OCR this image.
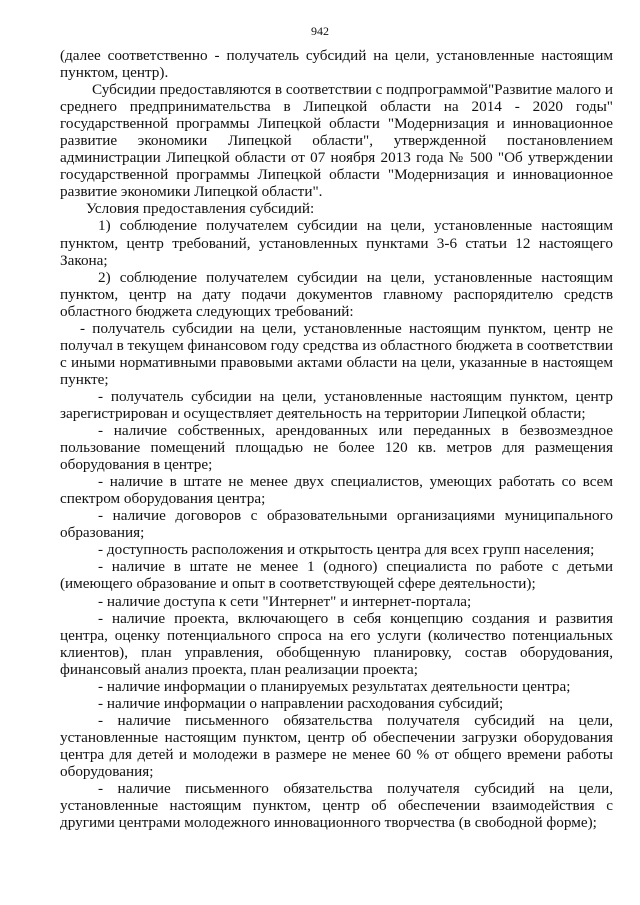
942

(далее соответственно - получатель субсидий на цели, установленные настоящим пунктом, центр).

Субсидии предоставляются в соответствии с подпрограммой"Развитие малого и среднего предпринимательства в Липецкой области на 2014 - 2020 годы" государственной программы Липецкой области "Модернизация и инновационное развитие экономики Липецкой области", утвержденной постановлением администрации Липецкой области от 07 ноября 2013 года № 500 "Об утверждении государственной программы Липецкой области "Модернизация и инновационное развитие экономики Липецкой области".

Условия предоставления субсидий:

1) соблюдение получателем субсидии на цели, установленные настоящим пунктом, центр требований, установленных пунктами 3-6 статьи 12 настоящего Закона;

2) соблюдение получателем субсидии на цели, установленные настоящим пунктом, центр на дату подачи документов главному распорядителю средств областного бюджета следующих требований:

- получатель субсидии на цели, установленные настоящим пунктом, центр не получал в текущем финансовом году средства из областного бюджета в соответствии с иными нормативными правовыми актами области на цели, указанные в настоящем пункте;

- получатель субсидии на цели, установленные настоящим пунктом, центр зарегистрирован и осуществляет деятельность на территории Липецкой области;

- наличие собственных, арендованных или переданных в безвозмездное пользование помещений площадью не более 120 кв. метров для размещения оборудования в центре;

- наличие в штате не менее двух специалистов, умеющих работать со всем спектром оборудования центра;

- наличие договоров с образовательными организациями муниципального образования;

- доступность расположения и открытость центра для всех групп населения;

- наличие в штате не менее 1 (одного) специалиста по работе с детьми (имеющего образование и опыт в соответствующей сфере деятельности);

- наличие доступа к сети "Интернет" и интернет-портала;

- наличие проекта, включающего в себя концепцию создания и развития центра, оценку потенциального спроса на его услуги (количество потенциальных клиентов), план управления, обобщенную планировку, состав оборудования, финансовый анализ проекта, план реализации проекта;

- наличие информации о планируемых результатах деятельности центра;

- наличие информации о направлении расходования субсидий;

- наличие письменного обязательства получателя субсидий на цели, установленные настоящим пунктом, центр об обеспечении загрузки оборудования центра для детей и молодежи в размере не менее 60 % от общего времени работы оборудования;

- наличие письменного обязательства получателя субсидий на цели, установленные настоящим пунктом, центр об обеспечении взаимодействия с другими центрами молодежного инновационного творчества (в свободной форме);
